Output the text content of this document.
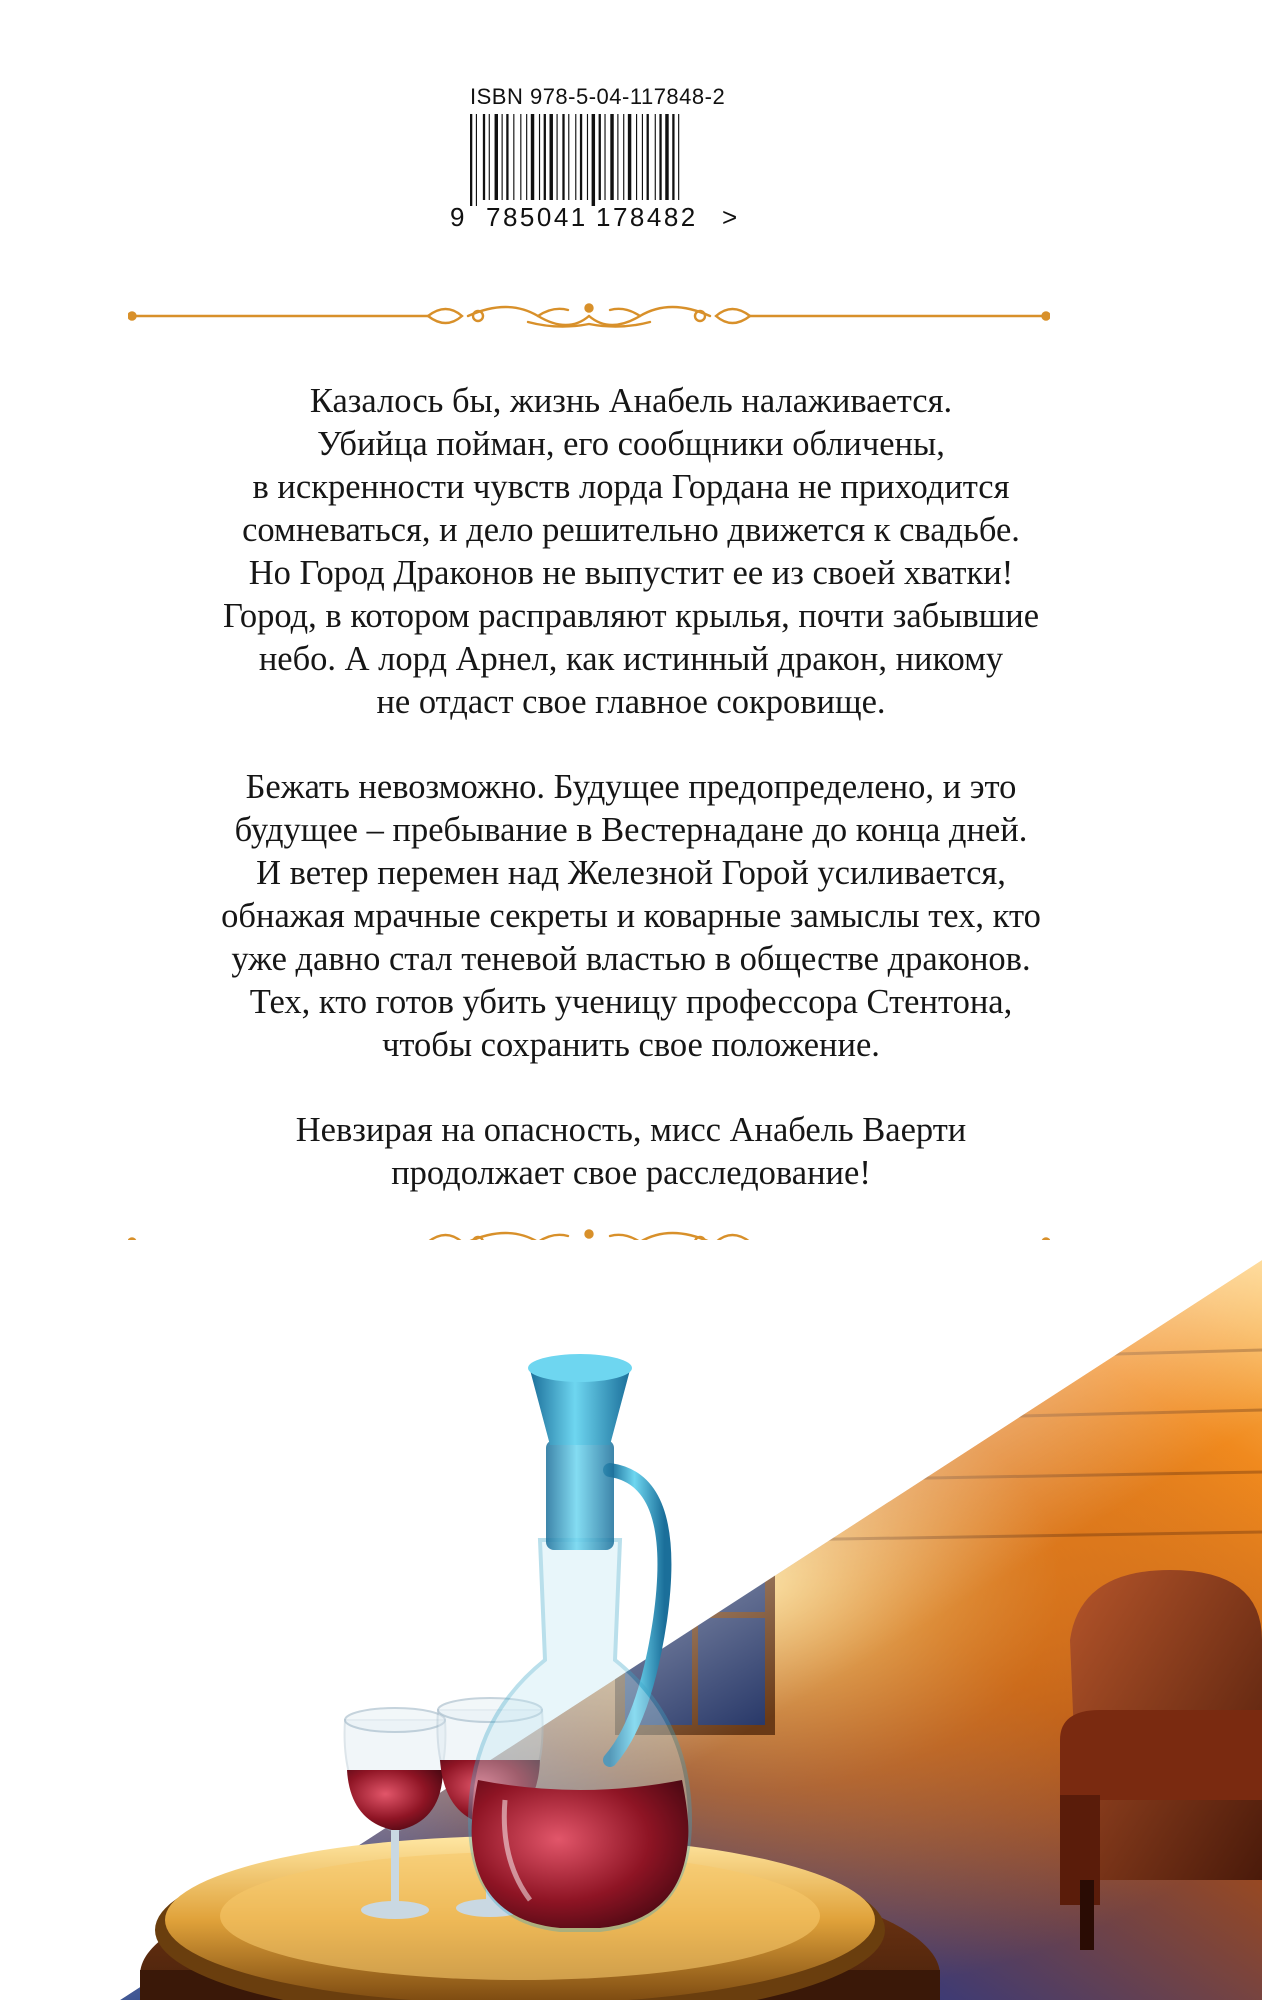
ISBN 978-5-04-117848-2
9 785041 178482 >
Казалось бы, жизнь Анабель налаживается.
Убийца пойман, его сообщники обличены,
в искренности чувств лорда Гордана не приходится
сомневаться, и дело решительно движется к свадьбе.
Но Город Драконов не выпустит ее из своей хватки!
Город, в котором расправляют крылья, почти забывшие
небо. А лорд Арнел, как истинный дракон, никому
не отдаст свое главное сокровище.
Бежать невозможно. Будущее предопределено, и это
будущее – пребывание в Вестернадане до конца дней.
И ветер перемен над Железной Горой усиливается,
обнажая мрачные секреты и коварные замыслы тех, кто
уже давно стал теневой властью в обществе драконов.
Тех, кто готов убить ученицу профессора Стентона,
чтобы сохранить свое положение.
Невзирая на опасность, мисс Анабель Ваерти
продолжает свое расследование!
